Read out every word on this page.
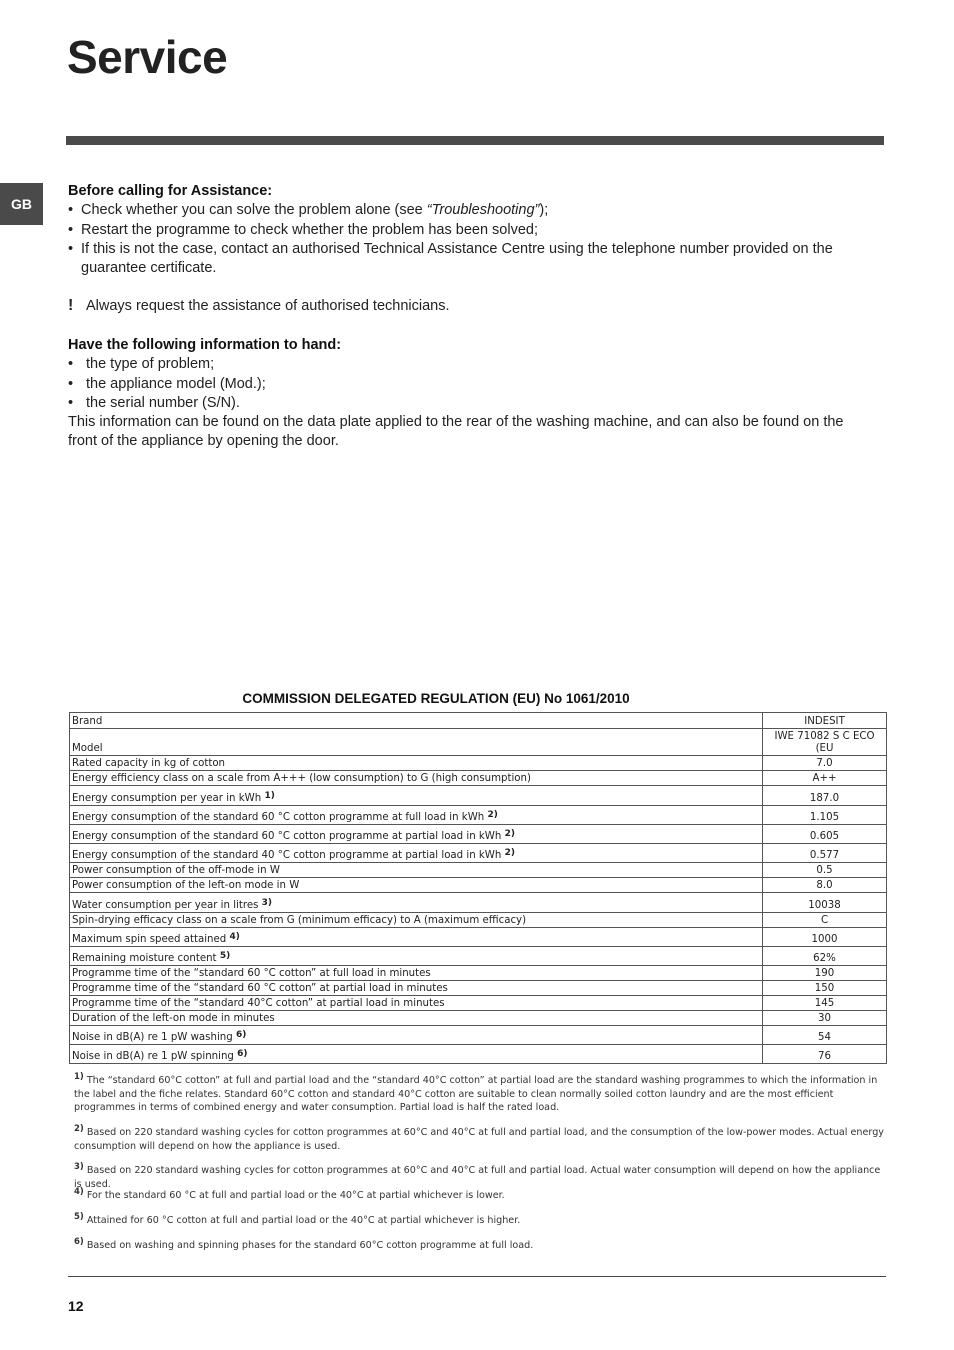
Service
GB
Before calling for Assistance:
• Check whether you can solve the problem alone (see “Troubleshooting”);
• Restart the programme to check whether the problem has been solved;
• If this is not the case, contact an authorised Technical Assistance Centre using the telephone number provided on the guarantee certificate.
! Always request the assistance of authorised technicians.
Have the following information to hand:
• the type of problem;
• the appliance model (Mod.);
• the serial number (S/N).

This information can be found on the data plate applied to the rear of the washing machine, and can also be found on the front of the appliance by opening the door.

COMMISSION DELEGATED REGULATION (EU) No 1061/2010
Brand	INDESIT
Model	IWE 71082 S C ECO (EU
Rated capacity in kg of cotton	7.0
Energy efficiency class on a scale from A+++ (low consumption) to G (high consumption)	A++
Energy consumption per year in kWh $^{1)}$	187.0
Energy consumption of the standard 60 °C cotton programme at full load in kWh $^{2)}$	1.105
Energy consumption of the standard 60 °C cotton programme at partial load in kWh $^{2)}$	0.605
Energy consumption of the standard 40 °C cotton programme at partial load in kWh $^{2)}$	0.577
Power consumption of the off-mode in W	0.5
Power consumption of the left-on mode in W	8.0
Water consumption per year in litres $^{3)}$	10038
Spin-drying efficacy class on a scale from G (minimum efficacy) to A (maximum efficacy)	C
Maximum spin speed attained $^{4)}$	1000
Remaining moisture content $^{5)}$	62%
Programme time of the “standard 60 °C cotton” at full load in minutes	190
Programme time of the “standard 60 °C cotton” at partial load in minutes	150
Programme time of the “standard 40°C cotton” at partial load in minutes	145
Duration of the left-on mode in minutes	30
Noise in dB(A) re 1 pW washing $^{6)}$	54
Noise in dB(A) re 1 pW spinning $^{6)}$	76
$^{1)}$ The “standard 60°C cotton” at full and partial load and the “standard 40°C cotton” at partial load are the standard washing programmes to which the information in the label and the fiche relates. Standard 60°C cotton and standard 40°C cotton are suitable to clean normally soiled cotton laundry and are the most efficient programmes in terms of combined energy and water consumption. Partial load is half the rated load.
$^{2)}$ Based on 220 standard washing cycles for cotton programmes at 60°C and 40°C at full and partial load, and the consumption of the low-power modes. Actual energy consumption will depend on how the appliance is used.
$^{3)}$ Based on 220 standard washing cycles for cotton programmes at 60°C and 40°C at full and partial load. Actual water consumption will depend on how the appliance is used.
$^{4)}$ For the standard 60 °C at full and partial load or the 40°C at partial whichever is lower.
$^{5)}$ Attained for 60 °C cotton at full and partial load or the 40°C at partial whichever is higher.
$^{6)}$ Based on washing and spinning phases for the standard 60°C cotton programme at full load.
12
